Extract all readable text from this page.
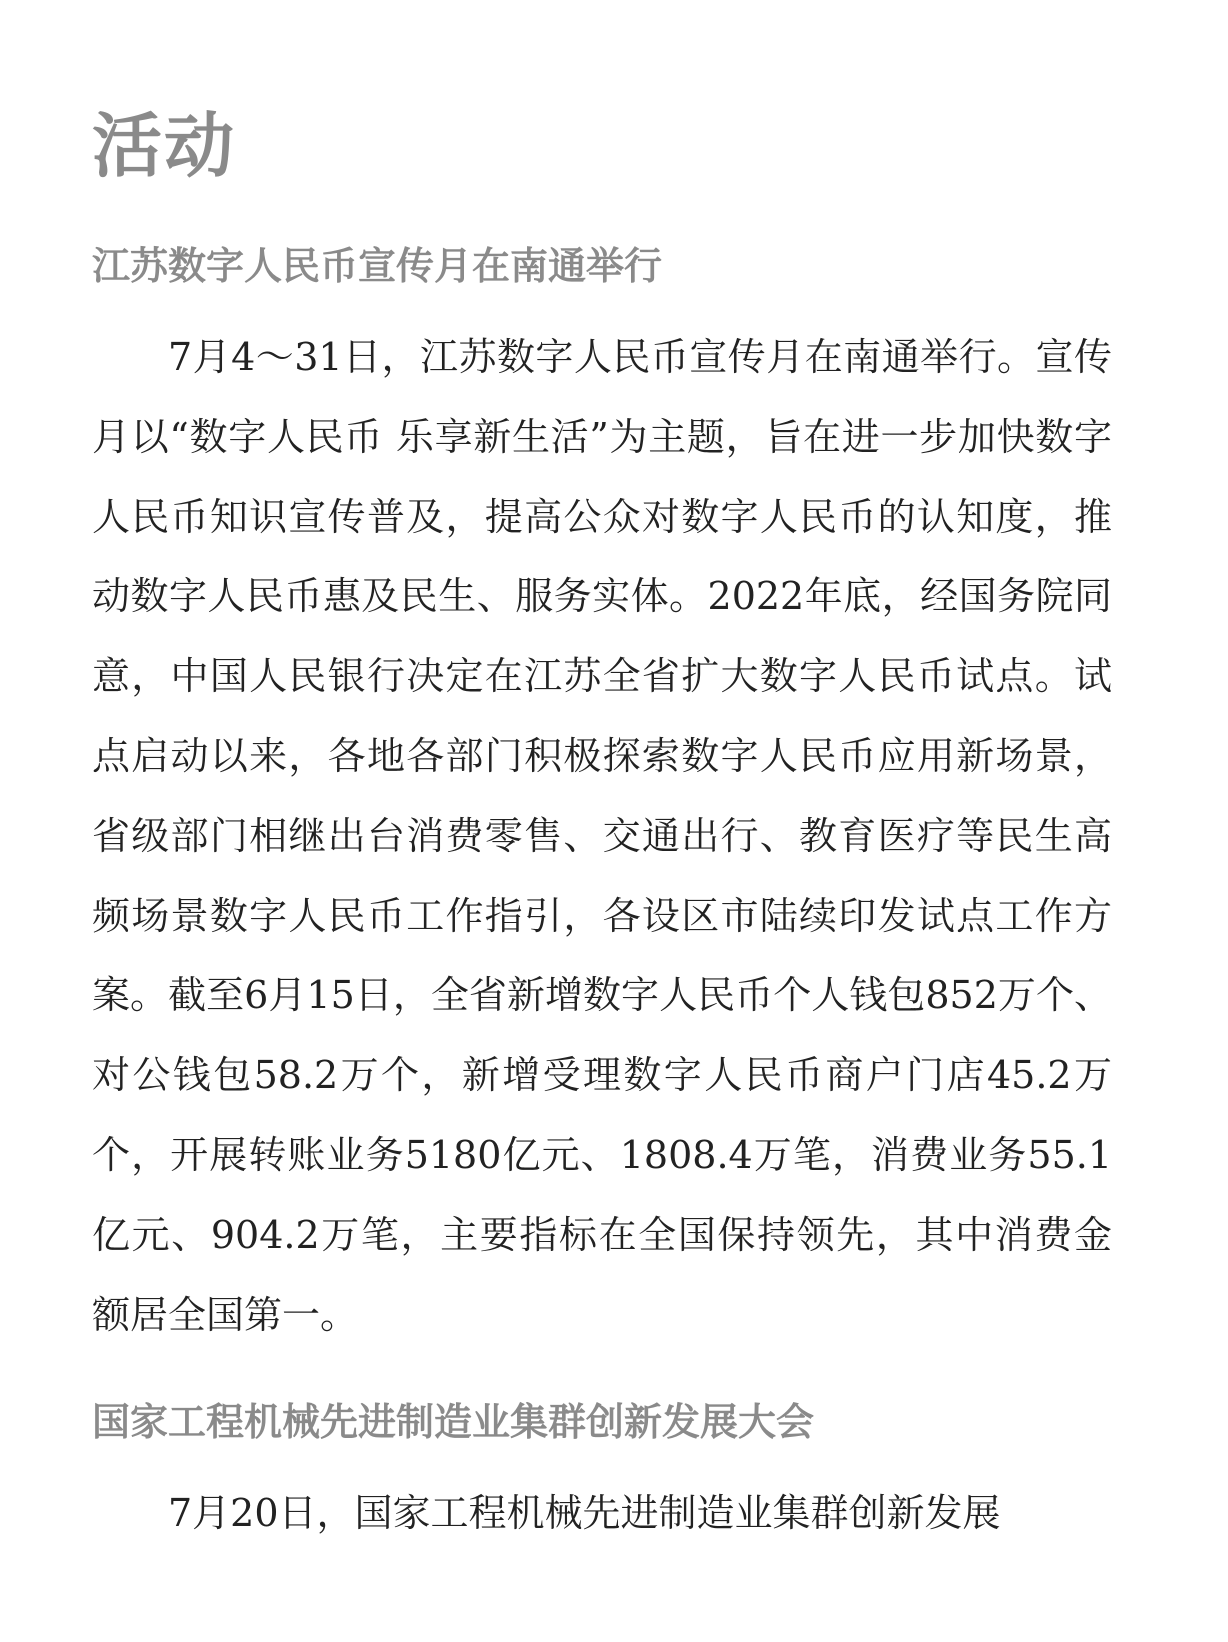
活动
江苏数字人民币宣传月在南通举行

7月4～31日，江苏数字人民币宣传月在南通举行。宣传月以“数字人民币 乐享新生活”为主题，旨在进一步加快数字人民币知识宣传普及，提高公众对数字人民币的认知度，推动数字人民币惠及民生、服务实体。2022年底，经国务院同意，中国人民银行决定在江苏全省扩大数字人民币试点。试点启动以来，各地各部门积极探索数字人民币应用新场景，省级部门相继出台消费零售、交通出行、教育医疗等民生高频场景数字人民币工作指引，各设区市陆续印发试点工作方案。截至6月15日，全省新增数字人民币个人钱包852万个、对公钱包58.2万个，新增受理数字人民币商户门店45.2万个，开展转账业务5180亿元、1808.4万笔，消费业务55.1亿元、904.2万笔，主要指标在全国保持领先，其中消费金额居全国第一。

国家工程机械先进制造业集群创新发展大会

7月20日，国家工程机械先进制造业集群创新发展
